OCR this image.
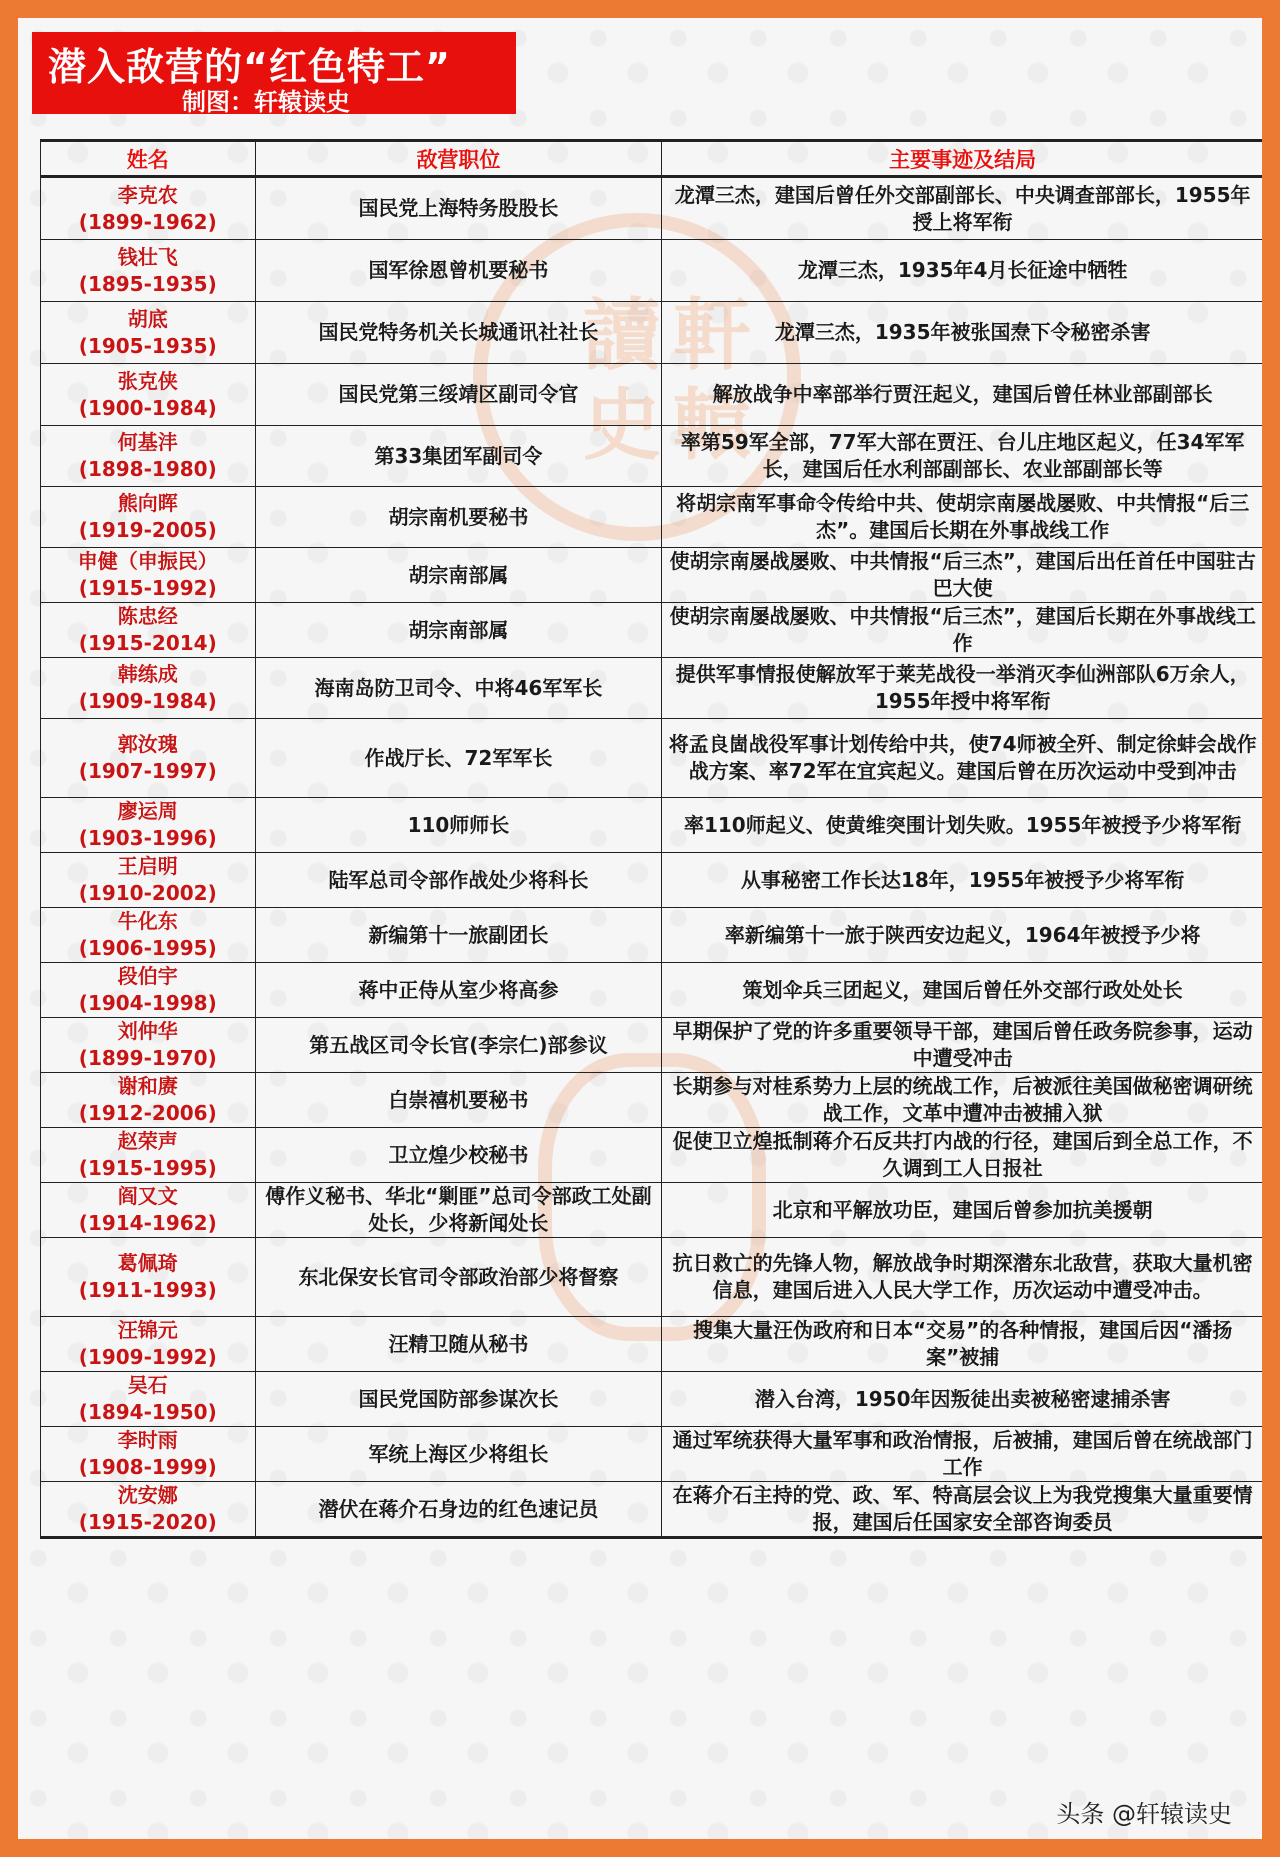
讀 軒
史 轅
潜入敌营的“红色特工”
制图：轩辕读史
姓名	敌营职位	主要事迹及结局

李克农
(1899-1962)	国民党上海特务股股长	龙潭三杰，建国后曾任外交部副部长、中央调查部部长，1955年授上将军衔

钱壮飞
(1895-1935)	国军徐恩曾机要秘书	龙潭三杰，1935年4月长征途中牺牲

胡底
(1905-1935)	国民党特务机关长城通讯社社长	龙潭三杰，1935年被张国焘下令秘密杀害

张克侠
(1900-1984)	国民党第三绥靖区副司令官	解放战争中率部举行贾汪起义，建国后曾任林业部副部长

何基沣
(1898-1980)	第33集团军副司令	率第59军全部，77军大部在贾汪、台儿庄地区起义，任34军军长，建国后任水利部副部长、农业部副部长等

熊向晖
(1919-2005)	胡宗南机要秘书	将胡宗南军事命令传给中共、使胡宗南屡战屡败、中共情报“后三杰”。建国后长期在外事战线工作

申健（申振民）
(1915-1992)	胡宗南部属	使胡宗南屡战屡败、中共情报“后三杰”，建国后出任首任中国驻古巴大使

陈忠经
(1915-2014)	胡宗南部属	使胡宗南屡战屡败、中共情报“后三杰”，建国后长期在外事战线工作

韩练成
(1909-1984)	海南岛防卫司令、中将46军军长	提供军事情报使解放军于莱芜战役一举消灭李仙洲部队6万余人，1955年授中将军衔

郭汝瑰
(1907-1997)	作战厅长、72军军长	将孟良崮战役军事计划传给中共，使74师被全歼、制定徐蚌会战作战方案、率72军在宜宾起义。建国后曾在历次运动中受到冲击

廖运周
(1903-1996)	110师师长	率110师起义、使黄维突围计划失败。1955年被授予少将军衔

王启明
(1910-2002)	陆军总司令部作战处少将科长	从事秘密工作长达18年，1955年被授予少将军衔

牛化东
(1906-1995)	新编第十一旅副团长	率新编第十一旅于陕西安边起义，1964年被授予少将

段伯宇
(1904-1998)	蒋中正侍从室少将高参	策划伞兵三团起义，建国后曾任外交部行政处处长

刘仲华
(1899-1970)	第五战区司令长官(李宗仁)部参议	早期保护了党的许多重要领导干部，建国后曾任政务院参事，运动中遭受冲击

谢和赓
(1912-2006)	白崇禧机要秘书	长期参与对桂系势力上层的统战工作，后被派往美国做秘密调研统战工作，文革中遭冲击被捕入狱

赵荣声
(1915-1995)	卫立煌少校秘书	促使卫立煌抵制蒋介石反共打内战的行径，建国后到全总工作，不久调到工人日报社

阎又文
(1914-1962)	傅作义秘书、华北“剿匪”总司令部政工处副处长，少将新闻处长	北京和平解放功臣，建国后曾参加抗美援朝

葛佩琦
(1911-1993)	东北保安长官司令部政治部少将督察	抗日救亡的先锋人物，解放战争时期深潜东北敌营，获取大量机密信息，建国后进入人民大学工作，历次运动中遭受冲击。

汪锦元
(1909-1992)	汪精卫随从秘书	搜集大量汪伪政府和日本“交易”的各种情报，建国后因“潘扬案”被捕

吴石
(1894-1950)	国民党国防部参谋次长	潜入台湾，1950年因叛徒出卖被秘密逮捕杀害

李时雨
(1908-1999)	军统上海区少将组长	通过军统获得大量军事和政治情报，后被捕，建国后曾在统战部门工作

沈安娜
(1915-2020)	潜伏在蒋介石身边的红色速记员	在蒋介石主持的党、政、军、特高层会议上为我党搜集大量重要情报，建国后任国家安全部咨询委员
头条 @轩辕读史
